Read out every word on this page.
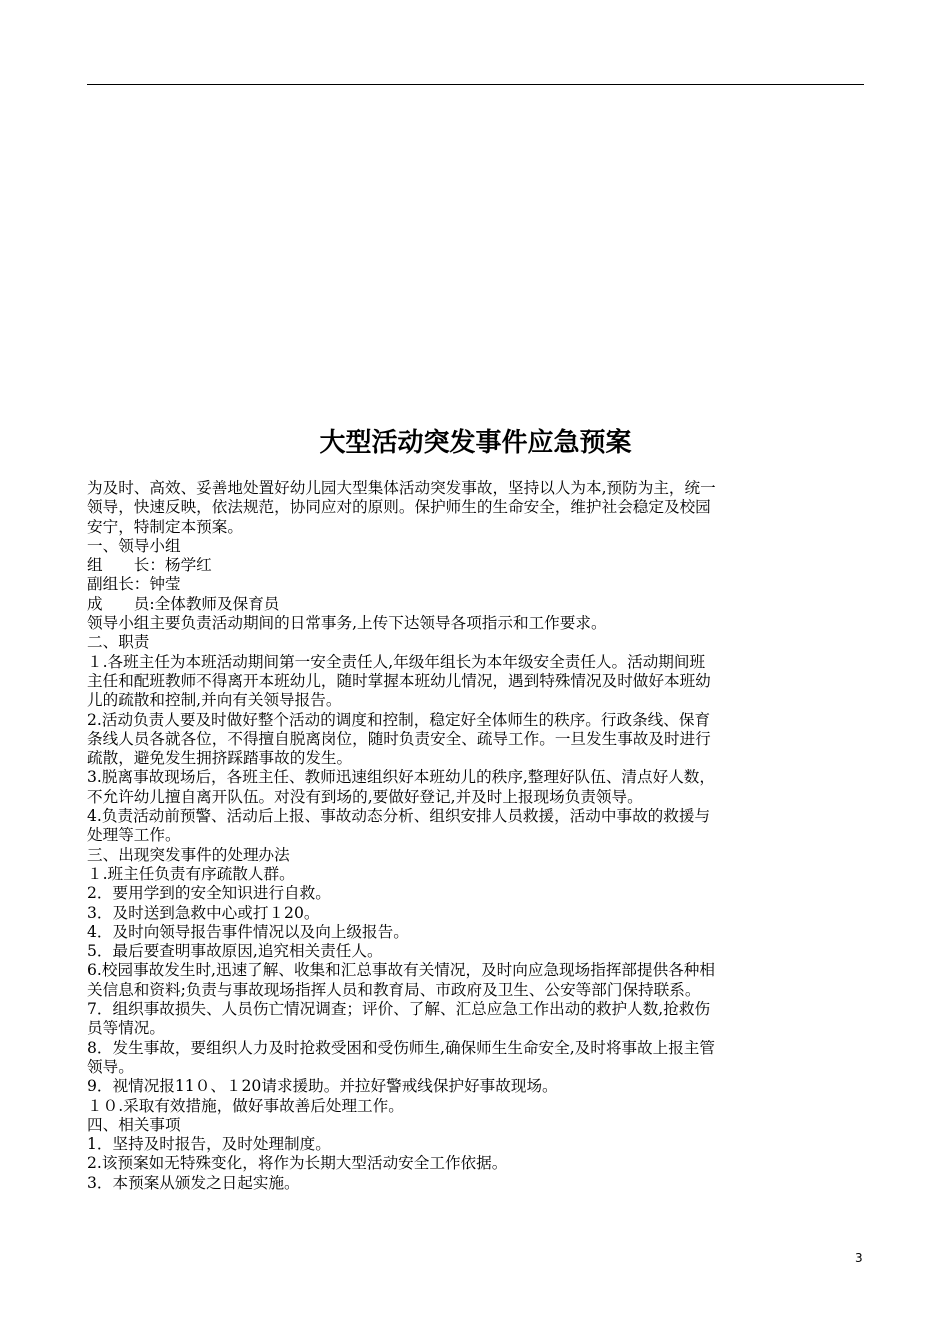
大型活动突发事件应急预案
为及时、高效、妥善地处置好幼儿园大型集体活动突发事故，坚持以人为本,预防为主，统一
领导，快速反映，依法规范，协同应对的原则。保护师生的生命安全，维护社会稳定及校园
安宁，特制定本预案。
一、领导小组
组　　长：杨学红
副组长：钟莹
成　　员:全体教师及保育员
领导小组主要负责活动期间的日常事务,上传下达领导各项指示和工作要求。
二、职责
１.各班主任为本班活动期间第一安全责任人,年级年组长为本年级安全责任人。活动期间班
主任和配班教师不得离开本班幼儿，随时掌握本班幼儿情况，遇到特殊情况及时做好本班幼
儿的疏散和控制,并向有关领导报告。
2.活动负责人要及时做好整个活动的调度和控制，稳定好全体师生的秩序。行政条线、保育
条线人员各就各位，不得擅自脱离岗位，随时负责安全、疏导工作。一旦发生事故及时进行
疏散，避免发生拥挤踩踏事故的发生。
3.脱离事故现场后，各班主任、教师迅速组织好本班幼儿的秩序,整理好队伍、清点好人数，
不允许幼儿擅自离开队伍。对没有到场的,要做好登记,并及时上报现场负责领导。
4.负责活动前预警、活动后上报、事故动态分析、组织安排人员救援，活动中事故的救援与
处理等工作。
三、出现突发事件的处理办法
１.班主任负责有序疏散人群。
2．要用学到的安全知识进行自救。
3．及时送到急救中心或打１20。
4．及时向领导报告事件情况以及向上级报告。
5．最后要查明事故原因,追究相关责任人。
6.校园事故发生时,迅速了解、收集和汇总事故有关情况，及时向应急现场指挥部提供各种相
关信息和资料;负责与事故现场指挥人员和教育局、市政府及卫生、公安等部门保持联系。
7．组织事故损失、人员伤亡情况调查；评价、了解、汇总应急工作出动的救护人数,抢救伤
员等情况。
8．发生事故，要组织人力及时抢救受困和受伤师生,确保师生生命安全,及时将事故上报主管
领导。
9．视情况报11０、１20请求援助。并拉好警戒线保护好事故现场。
１０.采取有效措施，做好事故善后处理工作。
四、相关事项
1．坚持及时报告，及时处理制度。
2.该预案如无特殊变化，将作为长期大型活动安全工作依据。
3．本预案从颁发之日起实施。
3
